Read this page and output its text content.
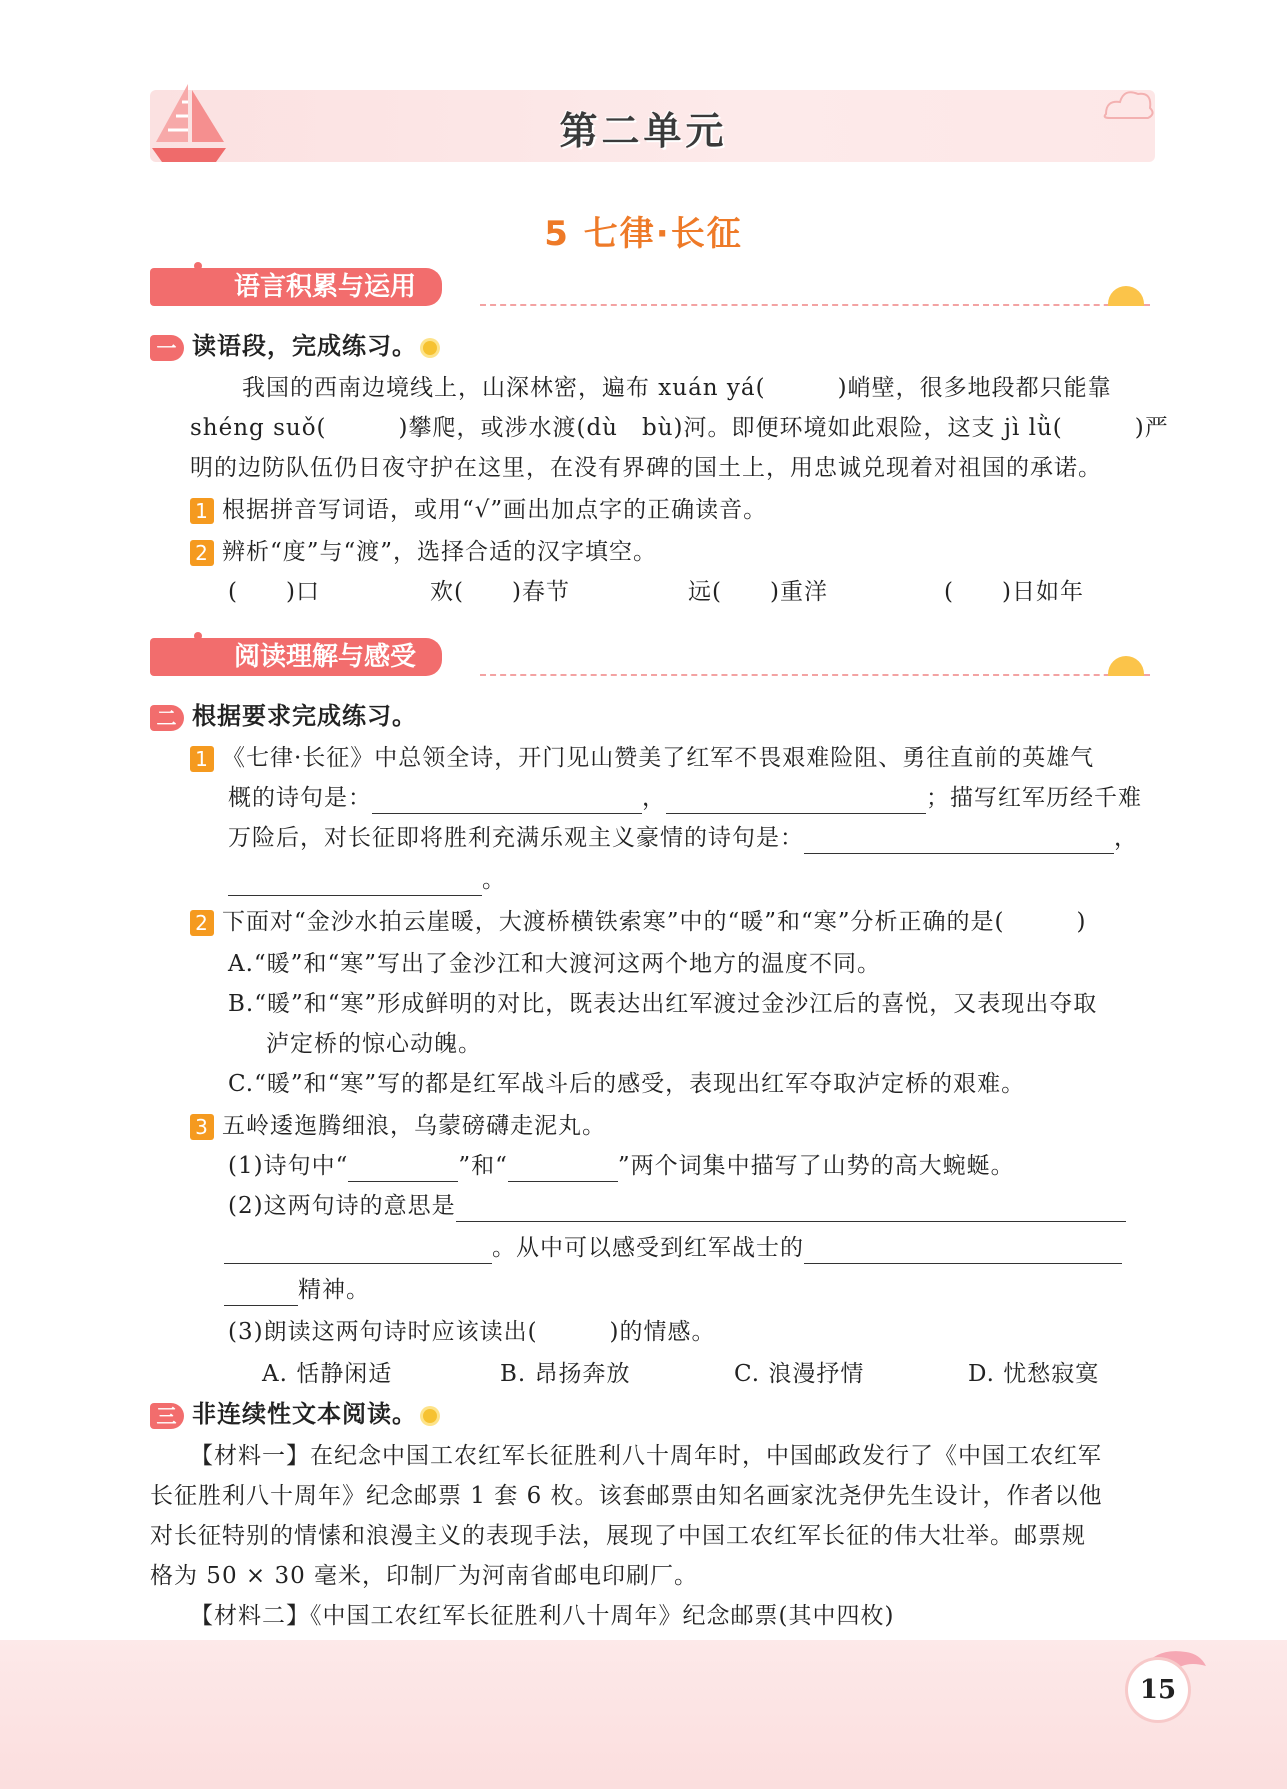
第二单元
5 七律·长征
语言积累与运用
一 读语段，完成练习。
我国的西南边境线上，山深林密，遍布 xuán yá(　　　)峭壁，很多地段都只能靠
shéng suǒ(　　　)攀爬，或涉水渡(dù　bù)河。即便环境如此艰险，这支 jì lǜ(　　　)严
明的边防队伍仍日夜守护在这里，在没有界碑的国土上，用忠诚兑现着对祖国的承诺。
1 根据拼音写词语，或用“√”画出加点字的正确读音。
2 辨析“度”与“渡”，选择合适的汉字填空。
(　　)口	欢(　　)春节	远(　　)重洋	(　　)日如年
阅读理解与感受
二 根据要求完成练习。
1 《七律·长征》中总领全诗，开门见山赞美了红军不畏艰难险阻、勇往直前的英雄气
概的诗句是：	，	；描写红军历经千难
万险后，对长征即将胜利充满乐观主义豪情的诗句是：	，
。
2 下面对“金沙水拍云崖暖，大渡桥横铁索寒”中的“暖”和“寒”分析正确的是(　　　)
A.“暖”和“寒”写出了金沙江和大渡河这两个地方的温度不同。
B.“暖”和“寒”形成鲜明的对比，既表达出红军渡过金沙江后的喜悦，又表现出夺取
泸定桥的惊心动魄。
C.“暖”和“寒”写的都是红军战斗后的感受，表现出红军夺取泸定桥的艰难。
3 五岭逶迤腾细浪，乌蒙磅礴走泥丸。
(1)诗句中“	”和“	”两个词集中描写了山势的高大蜿蜒。
(2)这两句诗的意思是
。从中可以感受到红军战士的
精神。
(3)朗读这两句诗时应该读出(　　　)的情感。
A. 恬静闲适	B. 昂扬奔放	C. 浪漫抒情	D. 忧愁寂寞
三 非连续性文本阅读。
【材料一】在纪念中国工农红军长征胜利八十周年时，中国邮政发行了《中国工农红军
长征胜利八十周年》纪念邮票 1 套 6 枚。该套邮票由知名画家沈尧伊先生设计，作者以他
对长征特别的情愫和浪漫主义的表现手法，展现了中国工农红军长征的伟大壮举。邮票规
格为 50 × 30 毫米，印制厂为河南省邮电印刷厂。
【材料二】《中国工农红军长征胜利八十周年》纪念邮票(其中四枚)
15
